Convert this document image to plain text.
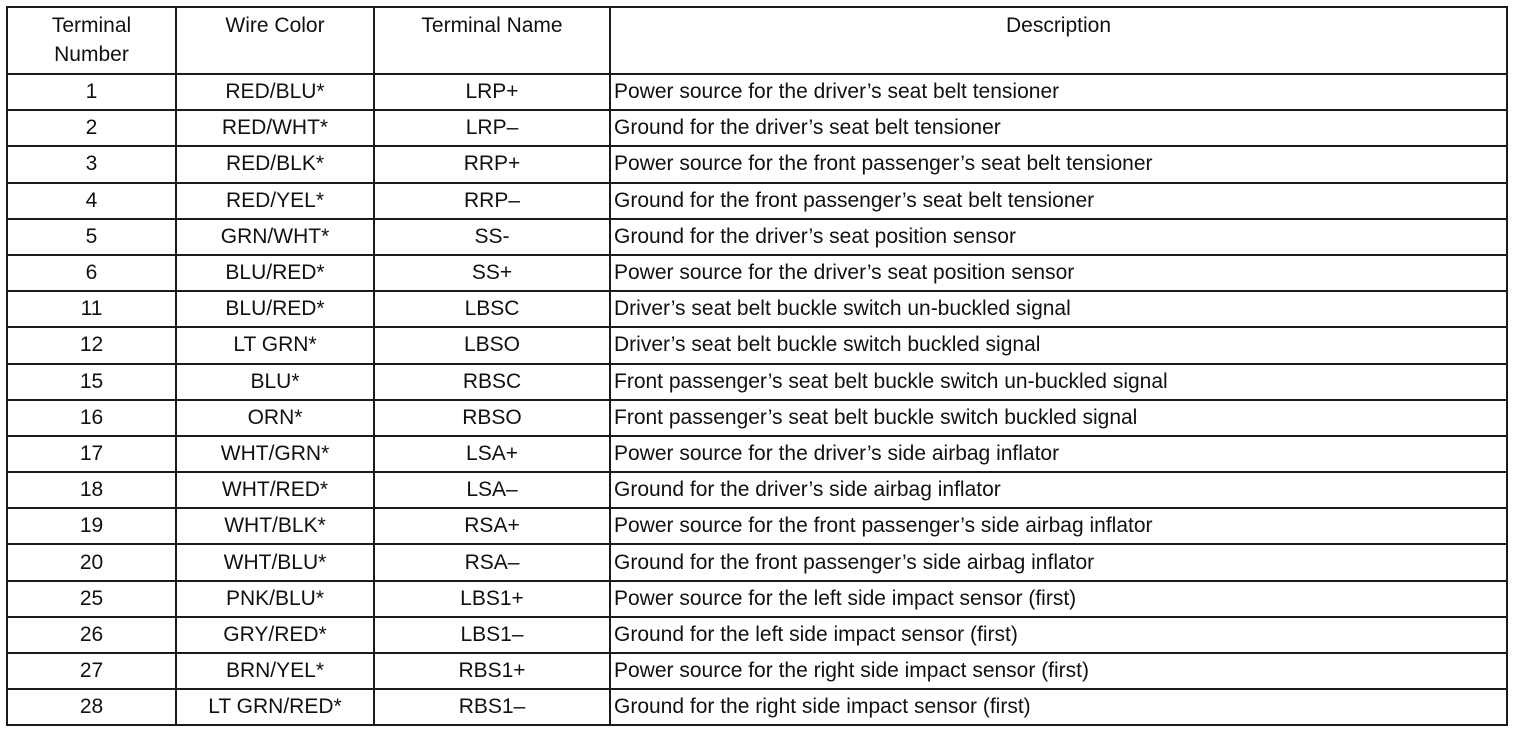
Terminal
Number	Wire Color	Terminal Name	Description
1	RED/BLU*	LRP+	Power source for the driver’s seat belt tensioner
2	RED/WHT*	LRP–	Ground for the driver’s seat belt tensioner
3	RED/BLK*	RRP+	Power source for the front passenger’s seat belt tensioner
4	RED/YEL*	RRP–	Ground for the front passenger’s seat belt tensioner
5	GRN/WHT*	SS-	Ground for the driver’s seat position sensor
6	BLU/RED*	SS+	Power source for the driver’s seat position sensor
11	BLU/RED*	LBSC	Driver’s seat belt buckle switch un-buckled signal
12	LT GRN*	LBSO	Driver’s seat belt buckle switch buckled signal
15	BLU*	RBSC	Front passenger’s seat belt buckle switch un-buckled signal
16	ORN*	RBSO	Front passenger’s seat belt buckle switch buckled signal
17	WHT/GRN*	LSA+	Power source for the driver’s side airbag inflator
18	WHT/RED*	LSA–	Ground for the driver’s side airbag inflator
19	WHT/BLK*	RSA+	Power source for the front passenger’s side airbag inflator
20	WHT/BLU*	RSA–	Ground for the front passenger’s side airbag inflator
25	PNK/BLU*	LBS1+	Power source for the left side impact sensor (first)
26	GRY/RED*	LBS1–	Ground for the left side impact sensor (first)
27	BRN/YEL*	RBS1+	Power source for the right side impact sensor (first)
28	LT GRN/RED*	RBS1–	Ground for the right side impact sensor (first)
